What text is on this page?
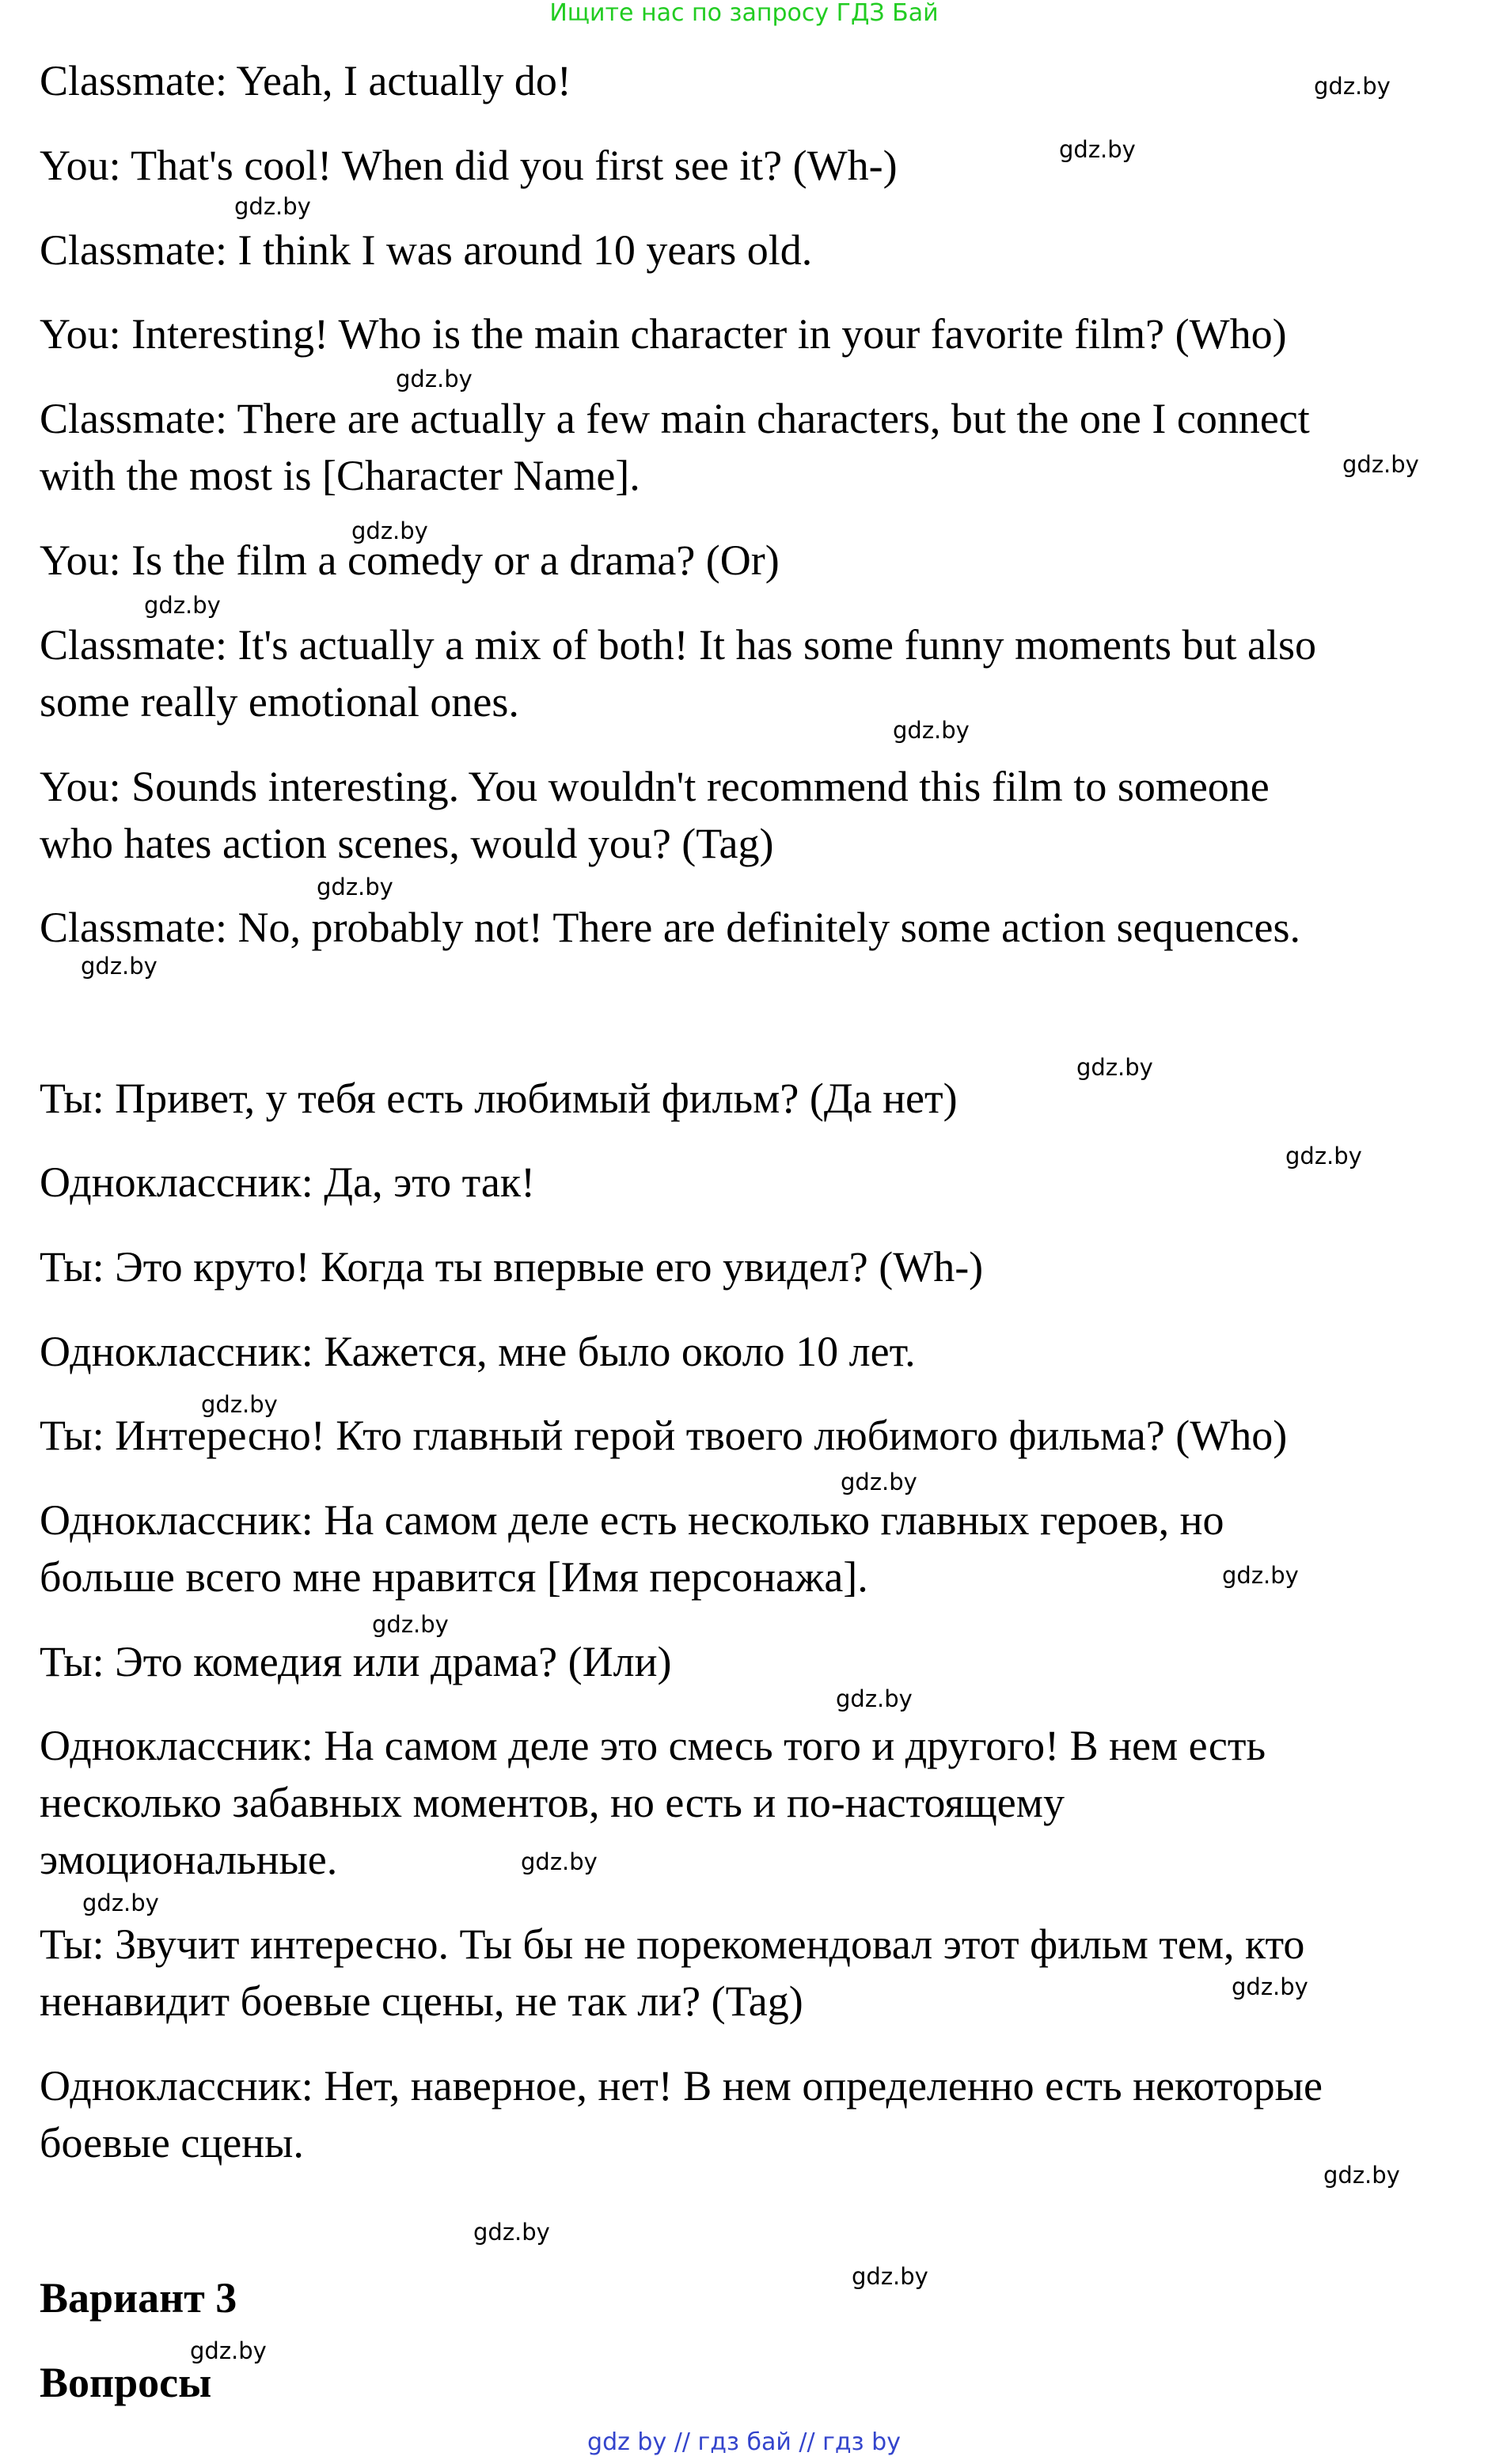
Ищите нас по запросу ГДЗ Бай
Classmate: Yeah, I actually do!
You: That's cool! When did you first see it? (Wh-)
Classmate: I think I was around 10 years old.
You: Interesting! Who is the main character in your favorite film? (Who)
Classmate: There are actually a few main characters, but the one I connect
with the most is [Character Name].
You: Is the film a comedy or a drama? (Or)
Classmate: It's actually a mix of both! It has some funny moments but also
some really emotional ones.
You: Sounds interesting. You wouldn't recommend this film to someone
who hates action scenes, would you? (Tag)
Classmate: No, probably not! There are definitely some action sequences.
Ты: Привет, у тебя есть любимый фильм? (Да нет)
Одноклассник: Да, это так!
Ты: Это круто! Когда ты впервые его увидел? (Wh-)
Одноклассник: Кажется, мне было около 10 лет.
Ты: Интересно! Кто главный герой твоего любимого фильма? (Who)
Одноклассник: На самом деле есть несколько главных героев, но
больше всего мне нравится [Имя персонажа].
Ты: Это комедия или драма? (Или)
Одноклассник: На самом деле это смесь того и другого! В нем есть
несколько забавных моментов, но есть и по-настоящему
эмоциональные.
Ты: Звучит интересно. Ты бы не порекомендовал этот фильм тем, кто
ненавидит боевые сцены, не так ли? (Tag)
Одноклассник: Нет, наверное, нет! В нем определенно есть некоторые
боевые сцены.
Вариант 3
Вопросы
gdz.by
gdz.by
gdz.by
gdz.by
gdz.by
gdz.by
gdz.by
gdz.by
gdz.by
gdz.by
gdz.by
gdz.by
gdz.by
gdz.by
gdz.by
gdz.by
gdz.by
gdz.by
gdz.by
gdz.by
gdz.by
gdz.by
gdz.by
gdz.by
gdz by // гдз бай // гдз by
